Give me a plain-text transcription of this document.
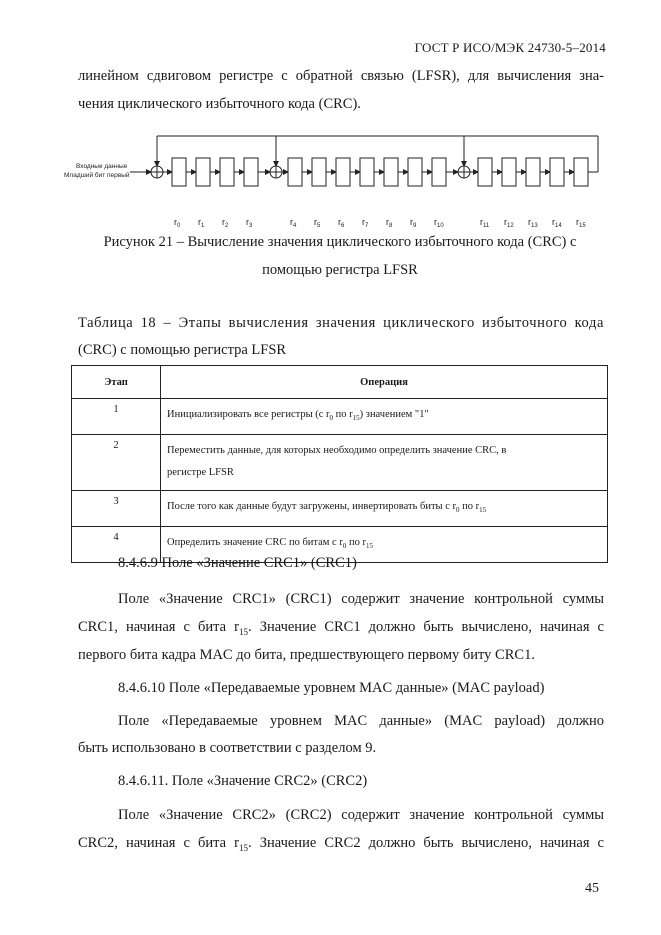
ГОСТ Р ИСО/МЭК 24730-5–2014
линейном сдвиговом регистре с обратной связью (LFSR), для вычисления зна-
чения циклического избыточного кода (CRC).
Входные данные
Младший бит первый
$r_0$ $r_1$ $r_2$ $r_3$	$r_4$ $r_5$ $r_6$ $r_7$ $r_8$ $r_9$ $r_{10}$	$r_{11}$ $r_{12}$ $r_{13}$ $r_{14}$ $r_{15}$
Рисунок 21 – Вычисление значения циклического избыточного кода (CRC) с
помощью регистра LFSR
Таблица 18 – Этапы вычисления значения циклического избыточного кода
(CRC) с помощью регистра LFSR
Этап	Операция
1	Инициализировать все регистры (с $r_0$ по $r_{15}$) значением "1"
2	Переместить данные, для которых необходимо определить значение CRC, в
регистре LFSR

3	После того как данные будут загружены, инвертировать биты с $r_0$ по $r_{15}$
4	Определить значение CRC по битам с $r_0$ по $r_{15}$
8.4.6.9 Поле «Значение CRC1» (CRC1)
Поле «Значение CRC1» (CRC1) содержит значение контрольной суммы
CRC1, начиная с бита $r_{15}$. Значение CRC1 должно быть вычислено, начиная с
первого бита кадра MAC до бита, предшествующего первому биту CRC1.
8.4.6.10 Поле «Передаваемые уровнем MAC данные» (MAC payload)
Поле «Передаваемые уровнем MAC данные» (MAC payload) должно
быть использовано в соответствии с разделом 9.
8.4.6.11. Поле «Значение CRC2» (CRC2)
Поле «Значение CRC2» (CRC2) содержит значение контрольной суммы
CRC2, начиная с бита $r_{15}$. Значение CRC2 должно быть вычислено, начиная с
45
